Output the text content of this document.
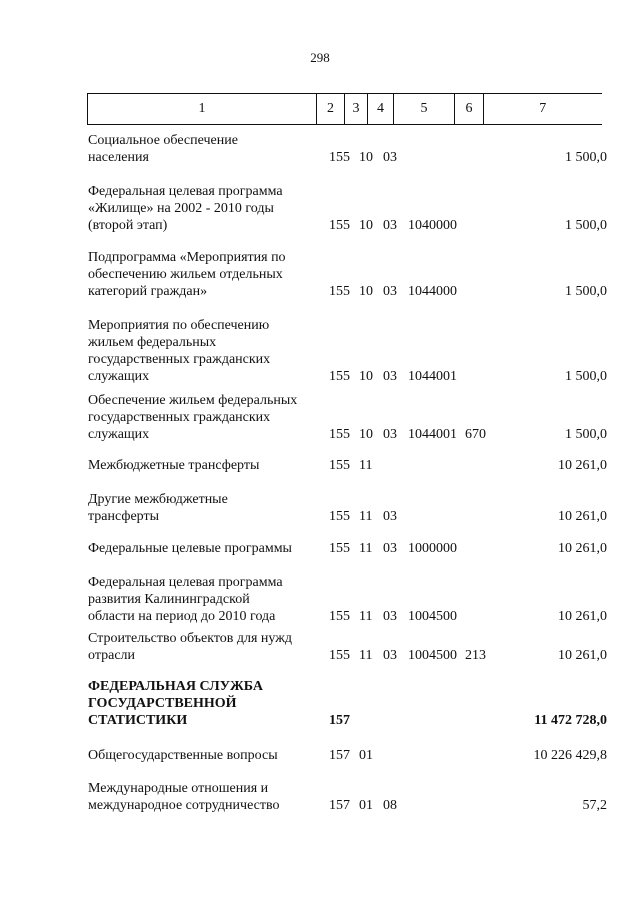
298
1	2	3	4	5	6	7
Социальное обеспечение
населения	155 10 03	1 500,0
Федеральная целевая программа
«Жилище» на 2002 - 2010 годы
(второй этап)	155 10 03 1040000	1 500,0
Подпрограмма «Мероприятия по
обеспечению жильем отдельных
категорий граждан»	155 10 03 1044000	1 500,0
Мероприятия по обеспечению
жильем федеральных
государственных гражданских
служащих	155 10 03 1044001	1 500,0
Обеспечение жильем федеральных
государственных гражданских
служащих	155 10 03 1044001 670	1 500,0
Межбюджетные трансферты	155 11	10 261,0
Другие межбюджетные
трансферты	155 11 03	10 261,0
Федеральные целевые программы	155 11 03 1000000	10 261,0
Федеральная целевая программа
развития Калининградской
области на период до 2010 года	155 11 03 1004500	10 261,0
Строительство объектов для нужд
отрасли	155 11 03 1004500 213	10 261,0
ФЕДЕРАЛЬНАЯ СЛУЖБА
ГОСУДАРСТВЕННОЙ
СТАТИСТИКИ	157	11 472 728,0
Общегосударственные вопросы	157 01	10 226 429,8
Международные отношения и
международное сотрудничество	157 01 08	57,2
